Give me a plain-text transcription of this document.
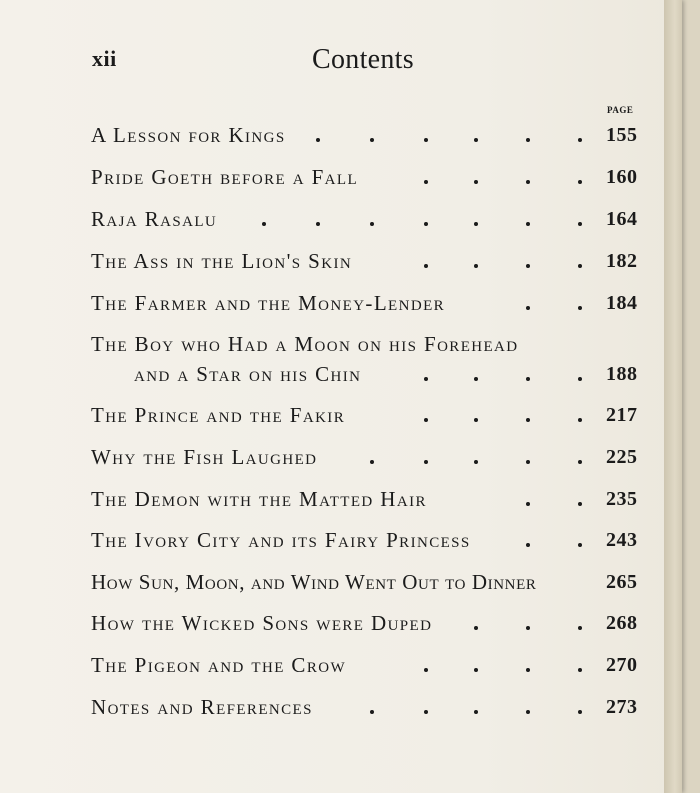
xii	Contents
PAGE
A Lesson for Kings	155
Pride Goeth before a Fall	160
Raja Rasalu	164
The Ass in the Lion's Skin	182
The Farmer and the Money-Lender	184
The Boy who Had a Moon on his Forehead
and a Star on his Chin	188
The Prince and the Fakir	217
Why the Fish Laughed	225
The Demon with the Matted Hair	235
The Ivory City and its Fairy Princess	243
How Sun, Moon, and Wind Went Out to Dinner	265
How the Wicked Sons were Duped	268
The Pigeon and the Crow	270
Notes and References	273
